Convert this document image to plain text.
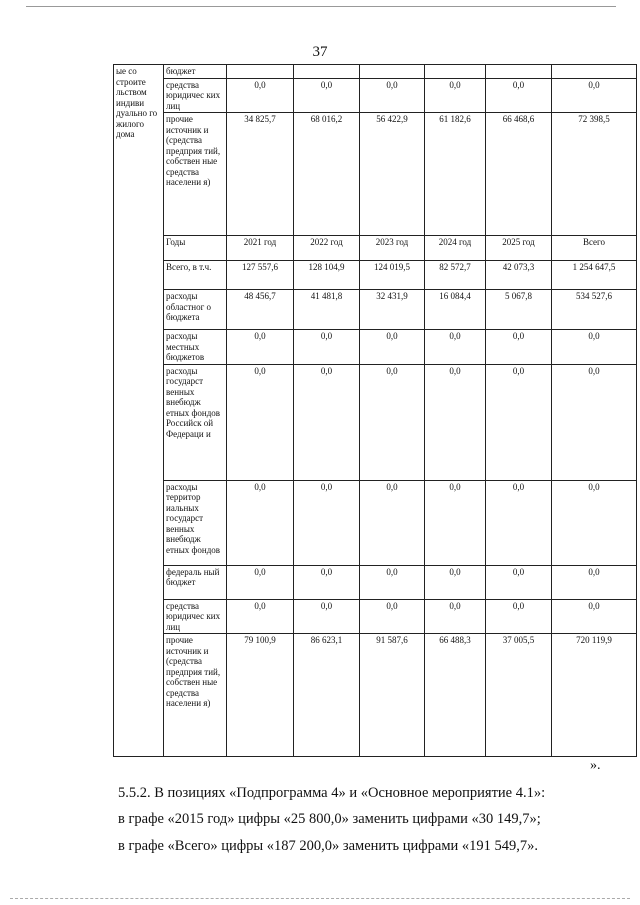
37
ые со строите льством индиви дуально го жилого дома	бюджет						
	средства юридичес ких лиц	0,0	0,0	0,0	0,0	0,0	0,0
	прочие источник и (средства предприя тий, собствен ные средства населени я)	34 825,7	68 016,2	56 422,9	61 182,6	66 468,6	72 398,5
	Годы	2021 год	2022 год	2023 год	2024 год	2025 год	Всего
	Всего, в т.ч.	127 557,6	128 104,9	124 019,5	82 572,7	42 073,3	1 254 647,5
	расходы областног о бюджета	48 456,7	41 481,8	32 431,9	16 084,4	5 067,8	534 527,6
	расходы местных бюджетов	0,0	0,0	0,0	0,0	0,0	0,0
	расходы государст венных внебюдж етных фондов Российск ой Федераци и	0,0	0,0	0,0	0,0	0,0	0,0
	расходы территор иальных государст венных внебюдж етных фондов	0,0	0,0	0,0	0,0	0,0	0,0
	федераль ный бюджет	0,0	0,0	0,0	0,0	0,0	0,0
	средства юридичес ких лиц	0,0	0,0	0,0	0,0	0,0	0,0
	прочие источник и (средства предприя тий, собствен ные средства населени я)	79 100,9	86 623,1	91 587,6	66 488,3	37 005,5	720 119,9
».
5.5.2. В позициях «Подпрограмма 4» и «Основное мероприятие 4.1»:
в графе «2015 год» цифры «25 800,0» заменить цифрами «30 149,7»;
в графе «Всего» цифры «187 200,0» заменить цифрами «191 549,7».
